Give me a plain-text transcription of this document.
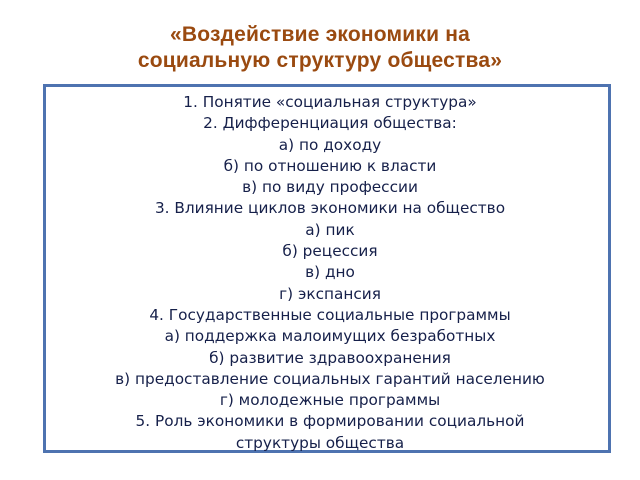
«Воздействие экономики на
социальную структуру общества»
1. Понятие «социальная структура»
2. Дифференциация общества:
а) по доходу
б) по отношению к власти
в) по виду профессии
3. Влияние циклов экономики на общество
а) пик
б) рецессия
в) дно
г) экспансия
4. Государственные социальные программы
а) поддержка малоимущих безработных
б) развитие здравоохранения
в) предоставление социальных гарантий населению
г) молодежные программы
5. Роль экономики в формировании социальной
структуры общества
